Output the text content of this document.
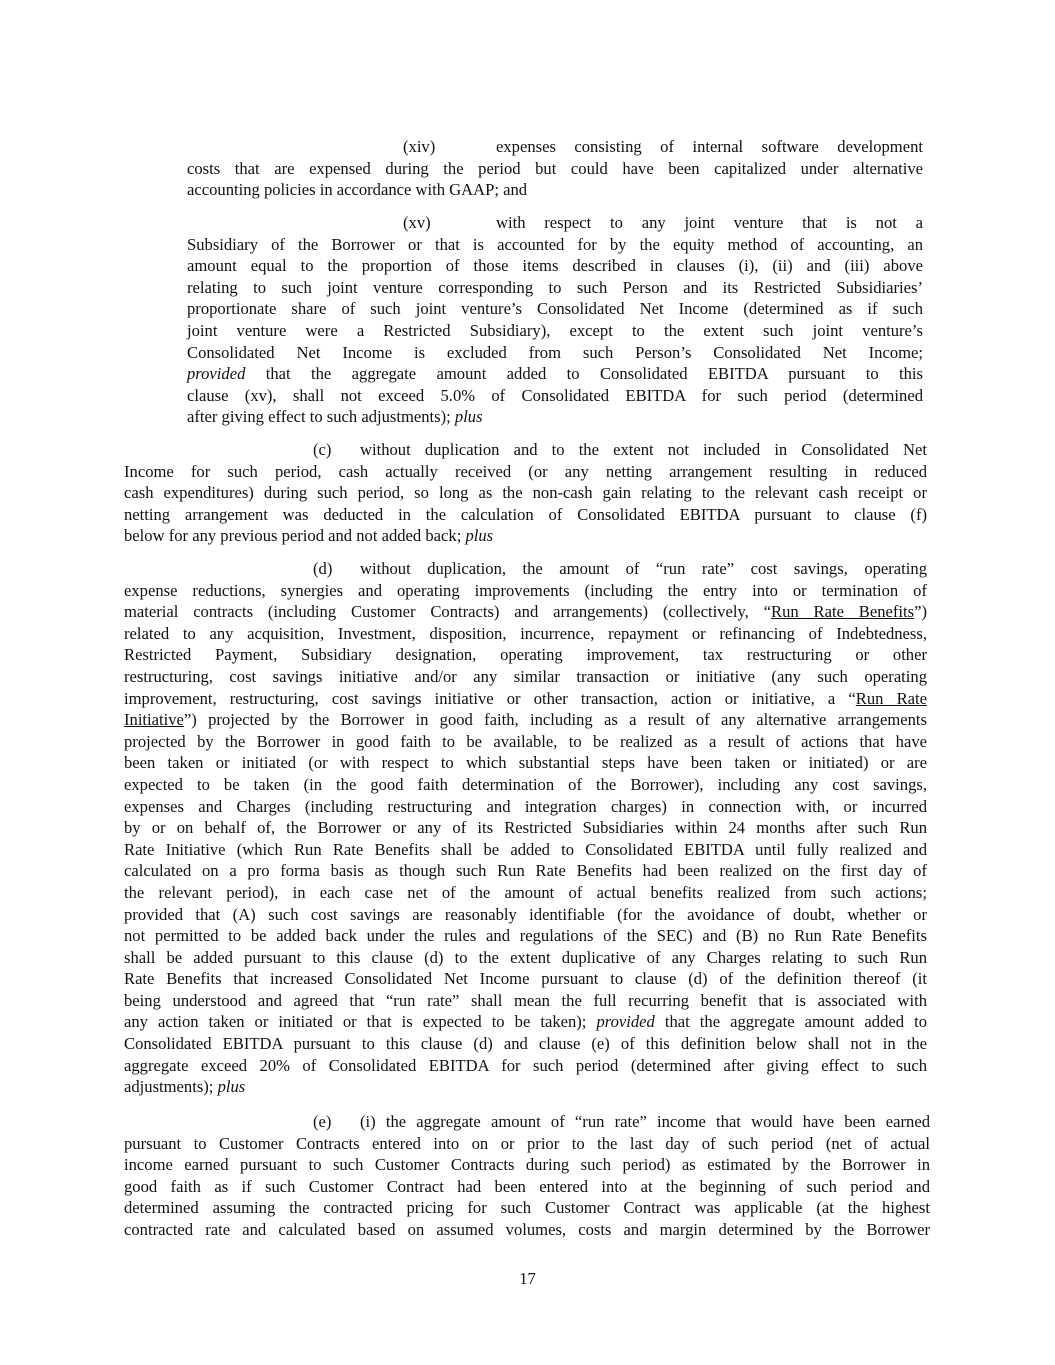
(xiv)	expenses consisting of internal software development
costs that are expensed during the period but could have been capitalized under alternative
accounting policies in accordance with GAAP; and
(xv)	with respect to any joint venture that is not a
Subsidiary of the Borrower or that is accounted for by the equity method of accounting, an
amount equal to the proportion of those items described in clauses (i), (ii) and (iii) above
relating to such joint venture corresponding to such Person and its Restricted Subsidiaries’
proportionate share of such joint venture’s Consolidated Net Income (determined as if such
joint venture were a Restricted Subsidiary), except to the extent such joint venture’s
Consolidated Net Income is excluded from such Person’s Consolidated Net Income;
provided that the aggregate amount added to Consolidated EBITDA pursuant to this
clause (xv), shall not exceed 5.0% of Consolidated EBITDA for such period (determined
after giving effect to such adjustments); plus
(c) without duplication and to the extent not included in Consolidated Net
Income for such period, cash actually received (or any netting arrangement resulting in reduced
cash expenditures) during such period, so long as the non-cash gain relating to the relevant cash receipt or
netting arrangement was deducted in the calculation of Consolidated EBITDA pursuant to clause (f)
below for any previous period and not added back; plus
(d) without duplication, the amount of “run rate” cost savings, operating
expense reductions, synergies and operating improvements (including the entry into or termination of
material contracts (including Customer Contracts) and arrangements) (collectively, “Run Rate Benefits”)
related to any acquisition, Investment, disposition, incurrence, repayment or refinancing of Indebtedness,
Restricted Payment, Subsidiary designation, operating improvement, tax restructuring or other
restructuring, cost savings initiative and/or any similar transaction or initiative (any such operating
improvement, restructuring, cost savings initiative or other transaction, action or initiative, a “Run Rate
Initiative”) projected by the Borrower in good faith, including as a result of any alternative arrangements
projected by the Borrower in good faith to be available, to be realized as a result of actions that have
been taken or initiated (or with respect to which substantial steps have been taken or initiated) or are
expected to be taken (in the good faith determination of the Borrower), including any cost savings,
expenses and Charges (including restructuring and integration charges) in connection with, or incurred
by or on behalf of, the Borrower or any of its Restricted Subsidiaries within 24 months after such Run
Rate Initiative (which Run Rate Benefits shall be added to Consolidated EBITDA until fully realized and
calculated on a pro forma basis as though such Run Rate Benefits had been realized on the first day of
the relevant period), in each case net of the amount of actual benefits realized from such actions;
provided that (A) such cost savings are reasonably identifiable (for the avoidance of doubt, whether or
not permitted to be added back under the rules and regulations of the SEC) and (B) no Run Rate Benefits
shall be added pursuant to this clause (d) to the extent duplicative of any Charges relating to such Run
Rate Benefits that increased Consolidated Net Income pursuant to clause (d) of the definition thereof (it
being understood and agreed that “run rate” shall mean the full recurring benefit that is associated with
any action taken or initiated or that is expected to be taken); provided that the aggregate amount added to
Consolidated EBITDA pursuant to this clause (d) and clause (e) of this definition below shall not in the
aggregate exceed 20% of Consolidated EBITDA for such period (determined after giving effect to such
adjustments); plus
(e) (i) the aggregate amount of “run rate” income that would have been earned
pursuant to Customer Contracts entered into on or prior to the last day of such period (net of actual
income earned pursuant to such Customer Contracts during such period) as estimated by the Borrower in
good faith as if such Customer Contract had been entered into at the beginning of such period and
determined assuming the contracted pricing for such Customer Contract was applicable (at the highest
contracted rate and calculated based on assumed volumes, costs and margin determined by the Borrower
17
